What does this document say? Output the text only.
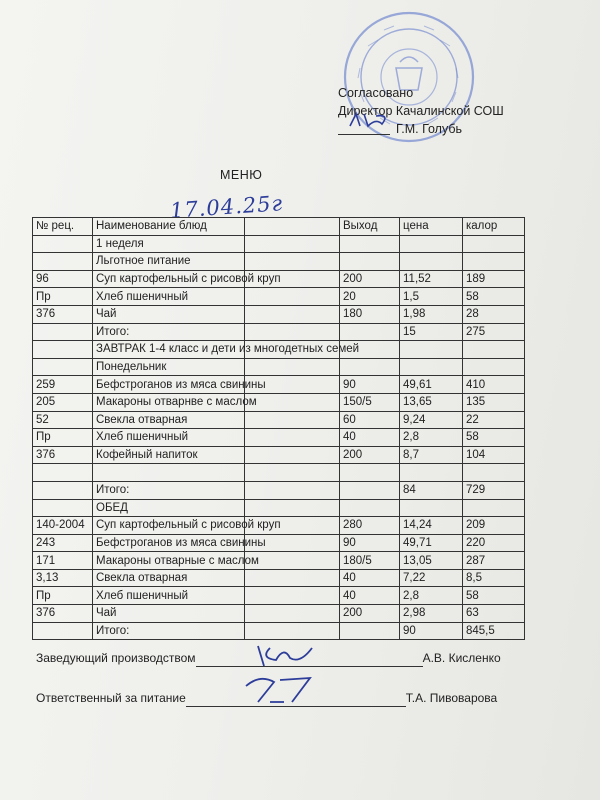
Согласовано
Директор Качалинской СОШ
Г.М. Голубь
МЕНЮ
17.04.25г
№ рец.	Наименование блюд		Выход	цена	калор
	1 неделя				
	Льготное питание				
96	Суп картофельный с рисовой круп		200	11,52	189
Пр	Хлеб пшеничный		20	1,5	58
376	Чай		180	1,98	28
	Итого:			15	275
	ЗАВТРАК 1-4 класс и дети из многодетных семей				
	Понедельник				
259	Бефстроганов из мяса свинины		90	49,61	410
205	Макароны отварнве с маслом		150/5	13,65	135
52	Свекла отварная		60	9,24	22
Пр	Хлеб пшеничный		40	2,8	58
376	Кофейный напиток		200	8,7	104

	Итого:			84	729
	ОБЕД				
140-2004	Суп картофельный с рисовой круп		280	14,24	209
243	Бефстроганов из мяса свинины		90	49,71	220
171	Макароны отварные с маслом		180/5	13,05	287
3,13	Свекла отварная		40	7,22	8,5
Пр	Хлеб пшеничный		40	2,8	58
376	Чай		200	2,98	63
	Итого:			90	845,5
Заведующий производством	А.В. Кисленко
Ответственный за питание	Т.А. Пивоварова
